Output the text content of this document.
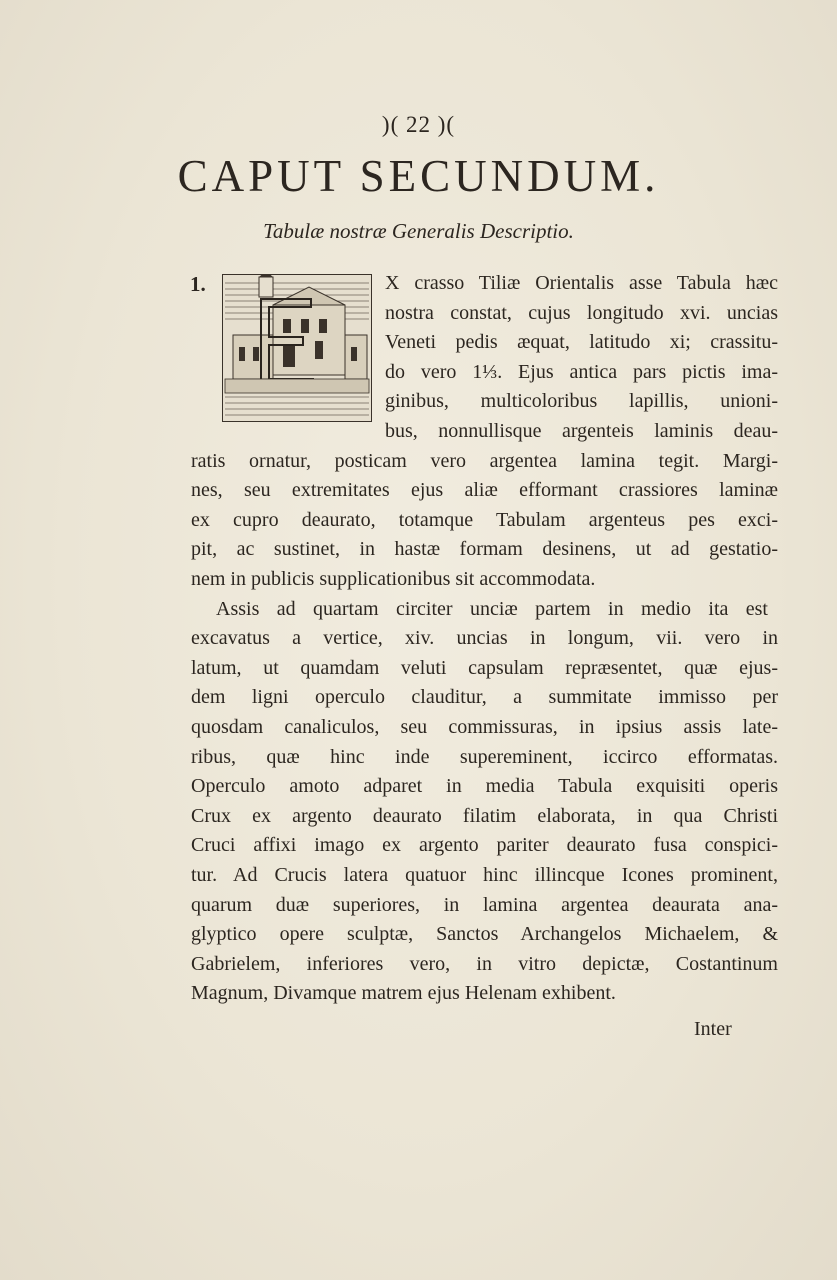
)( 22 )(
CAPUT SECUNDUM.
Tabulæ nostræ Generalis Descriptio.
1.	X crasso Tiliæ Orientalis asse Tabula hæc
nostra constat, cujus longitudo xvi. uncias
Veneti pedis æquat, latitudo xi; crassitu-
do vero 1⅓. Ejus antica pars pictis ima-
ginibus, multicoloribus lapillis, unioni-
bus, nonnullisque argenteis laminis deau-
ratis ornatur, posticam vero argentea lamina tegit. Margi-
nes, seu extremitates ejus aliæ efformant crassiores laminæ
ex cupro deaurato, totamque Tabulam argenteus pes exci-
pit, ac sustinet, in hastæ formam desinens, ut ad gestatio-
nem in publicis supplicationibus sit accommodata.
Assis ad quartam circiter unciæ partem in medio ita est
excavatus a vertice, xiv. uncias in longum, vii. vero in
latum, ut quamdam veluti capsulam repræsentet, quæ ejus-
dem ligni operculo clauditur, a summitate immisso per
quosdam canaliculos, seu commissuras, in ipsius assis late-
ribus, quæ hinc inde supereminent, iccirco efformatas.
Operculo amoto adparet in media Tabula exquisiti operis
Crux ex argento deaurato filatim elaborata, in qua Christi
Cruci affixi imago ex argento pariter deaurato fusa conspici-
tur. Ad Crucis latera quatuor hinc illincque Icones prominent,
quarum duæ superiores, in lamina argentea deaurata ana-
glyptico opere sculptæ, Sanctos Archangelos Michaelem, &
Gabrielem, inferiores vero, in vitro depictæ, Costantinum
Magnum, Divamque matrem ejus Helenam exhibent.
Inter
